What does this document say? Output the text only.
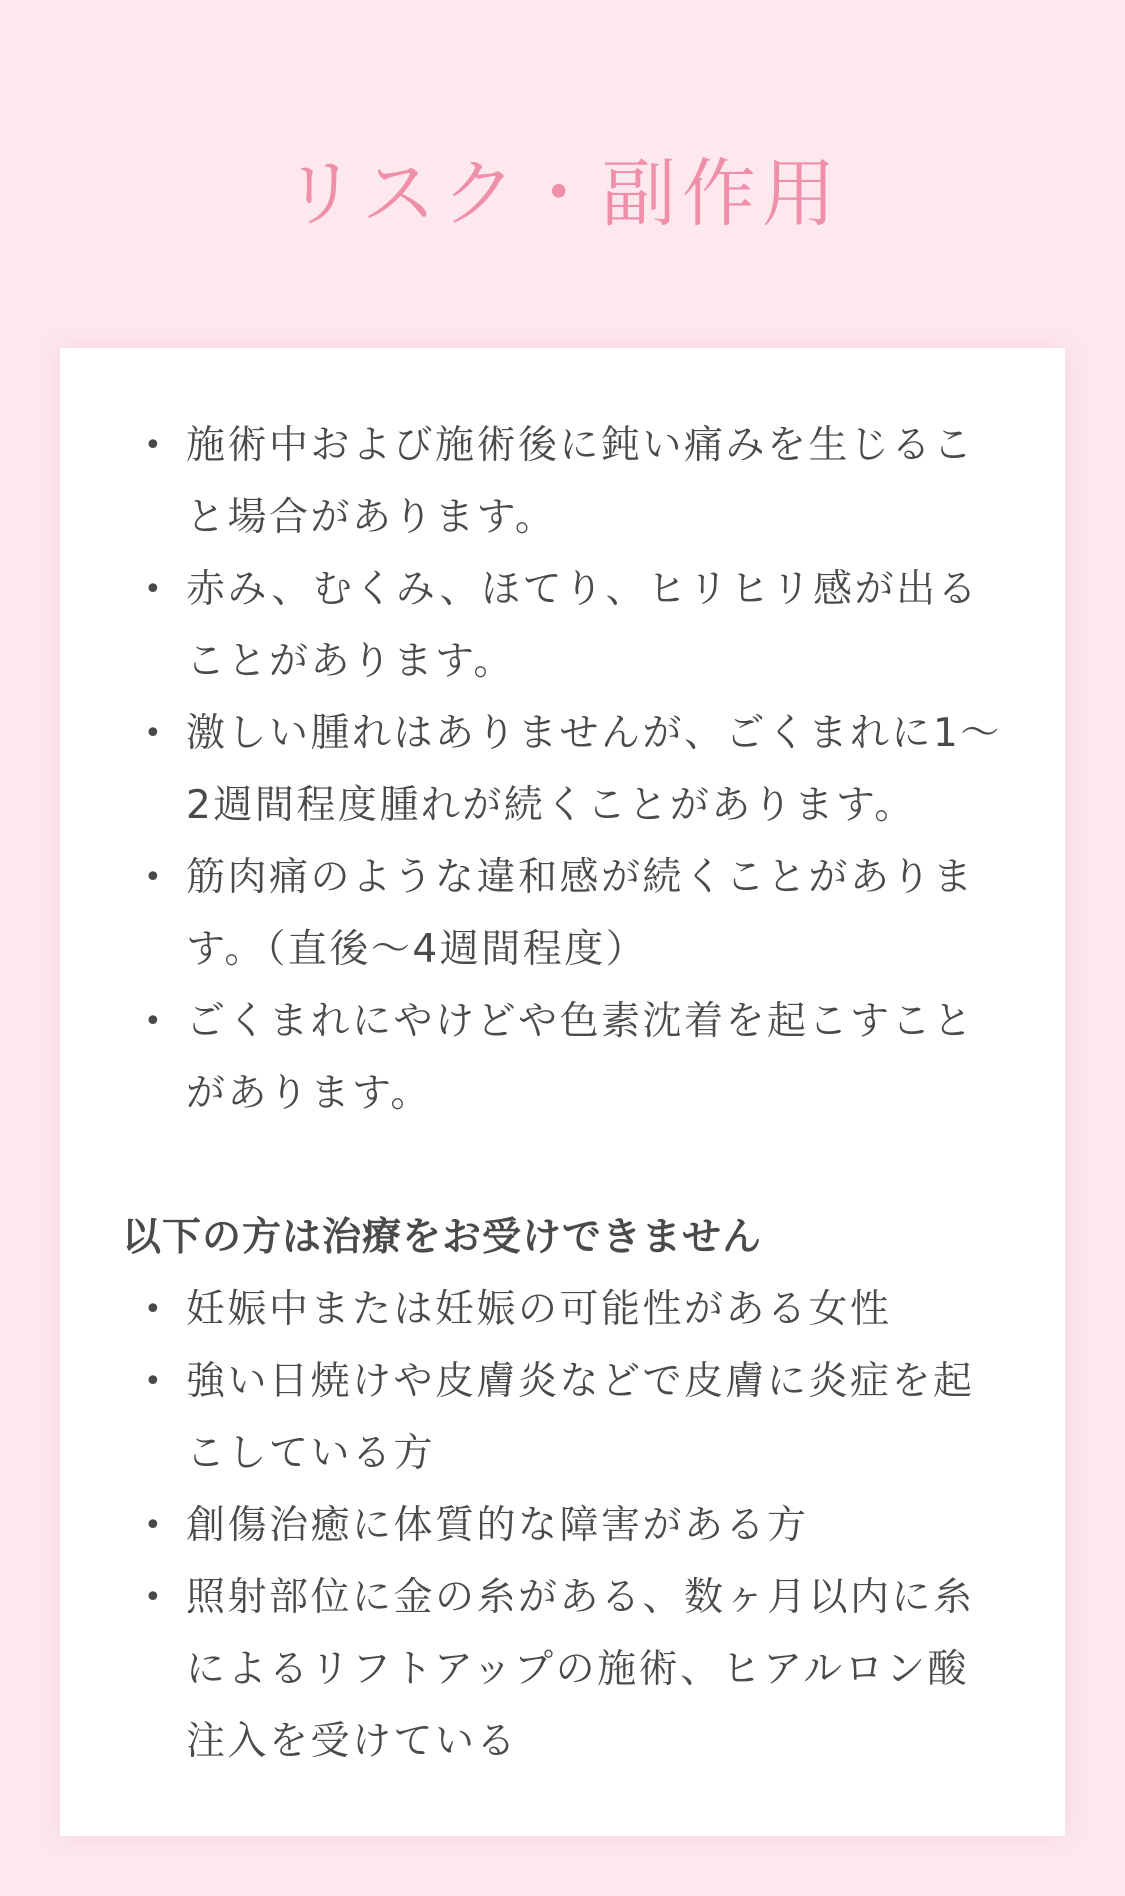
リスク・副作用
• 施術中および施術後に鈍い痛みを生じること場合があります。
• 赤み、むくみ、ほてり、ヒリヒリ感が出ることがあります。
• 激しい腫れはありませんが、ごくまれに1〜2週間程度腫れが続くことがあります。
• 筋肉痛のような違和感が続くことがあります。（直後〜4週間程度）
• ごくまれにやけどや色素沈着を起こすことがあります。
以下の方は治療をお受けできません
• 妊娠中または妊娠の可能性がある女性
• 強い日焼けや皮膚炎などで皮膚に炎症を起こしている方
• 創傷治癒に体質的な障害がある方
• 照射部位に金の糸がある、数ヶ月以内に糸によるリフトアップの施術、ヒアルロン酸注入を受けている
